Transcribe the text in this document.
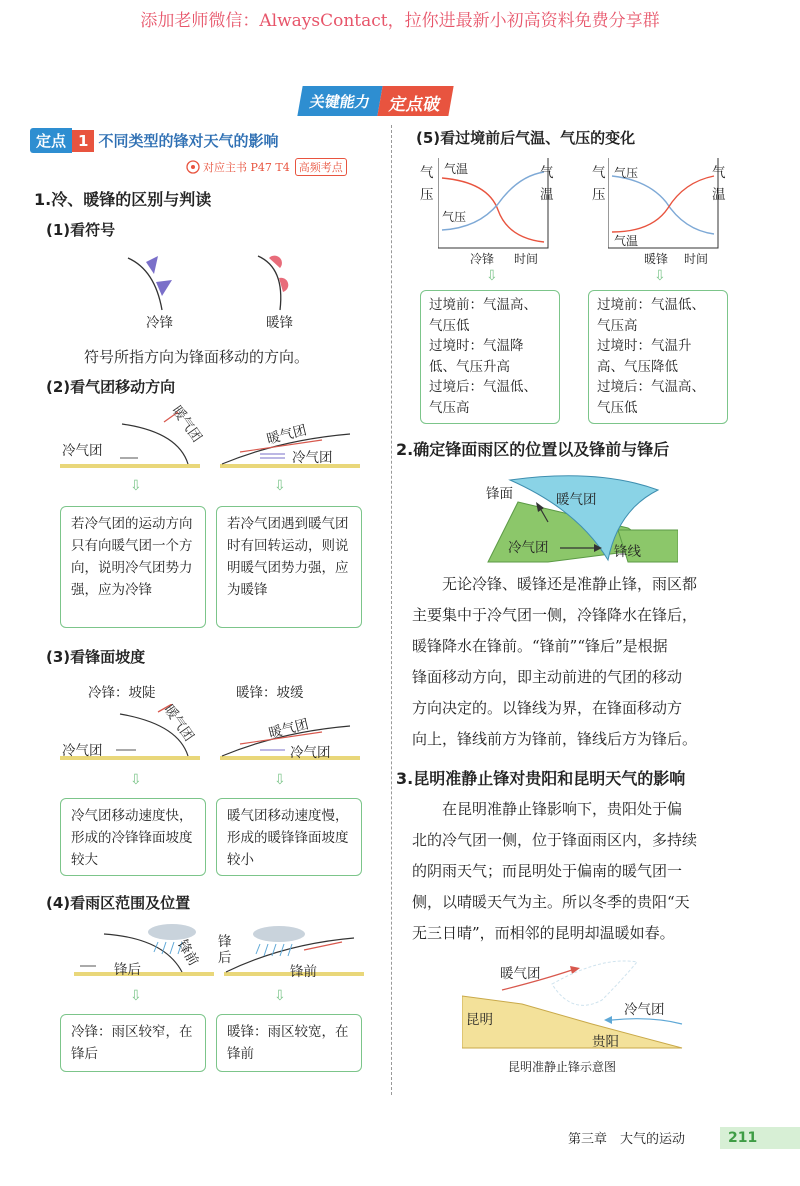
添加老师微信：AlwaysContact，拉你进最新小初高资料免费分享群
关键能力 定点破
定点 1 不同类型的锋对天气的影响
对应主书 P47 T4 高频考点
1.冷、暖锋的区别与判读
(1)看符号
冷锋	暖锋
符号所指方向为锋面移动的方向。
(2)看气团移动方向
冷气团
暖气团	暖气团
冷气团
⇩	⇩
若冷气团的运动方向只有向暖气团一个方向，说明冷气团势力强，应为冷锋
若冷气团遇到暖气团时有回转运动，则说明暖气团势力强，应为暖锋
(3)看锋面坡度
冷锋：坡陡	暖锋：坡缓
冷气团
暖气团	暖气团
冷气团
⇩	⇩
冷气团移动速度快，形成的冷锋锋面坡度较大
暖气团移动速度慢，形成的暖锋锋面坡度较小
(4)看雨区范围及位置
锋后
锋前 锋后
锋前
⇩	⇩
冷锋：雨区较窄，在锋后
暖锋：雨区较宽，在锋前
(5)看过境前后气温、气压的变化
气
压
气
温
气温
气压
冷锋 时间
气
压
气
温
气压
气温
暖锋 时间
⇩	⇩
过境前：气温高、
气压低
过境时：气温降
低、气压升高
过境后：气温低、
气压高
过境前：气温低、
气压高
过境时：气温升
高、气压降低
过境后：气温高、
气压低
2.确定锋面雨区的位置以及锋前与锋后
锋面	暖气团
冷气团	锋线
无论冷锋、暖锋还是准静止锋，雨区都
主要集中于冷气团一侧，冷锋降水在锋后，
暖锋降水在锋前。“锋前”“锋后”是根据
锋面移动方向，即主动前进的气团的移动
方向决定的。以锋线为界，在锋面移动方
向上，锋线前方为锋前，锋线后方为锋后。
3.昆明准静止锋对贵阳和昆明天气的影响
在昆明准静止锋影响下，贵阳处于偏
北的冷气团一侧，位于锋面雨区内，多持续
的阴雨天气；而昆明处于偏南的暖气团一
侧，以晴暖天气为主。所以冬季的贵阳“天
无三日晴”，而相邻的昆明却温暖如春。
暖气团
冷气团
昆明
贵阳
昆明准静止锋示意图
第三章　大气的运动	211
